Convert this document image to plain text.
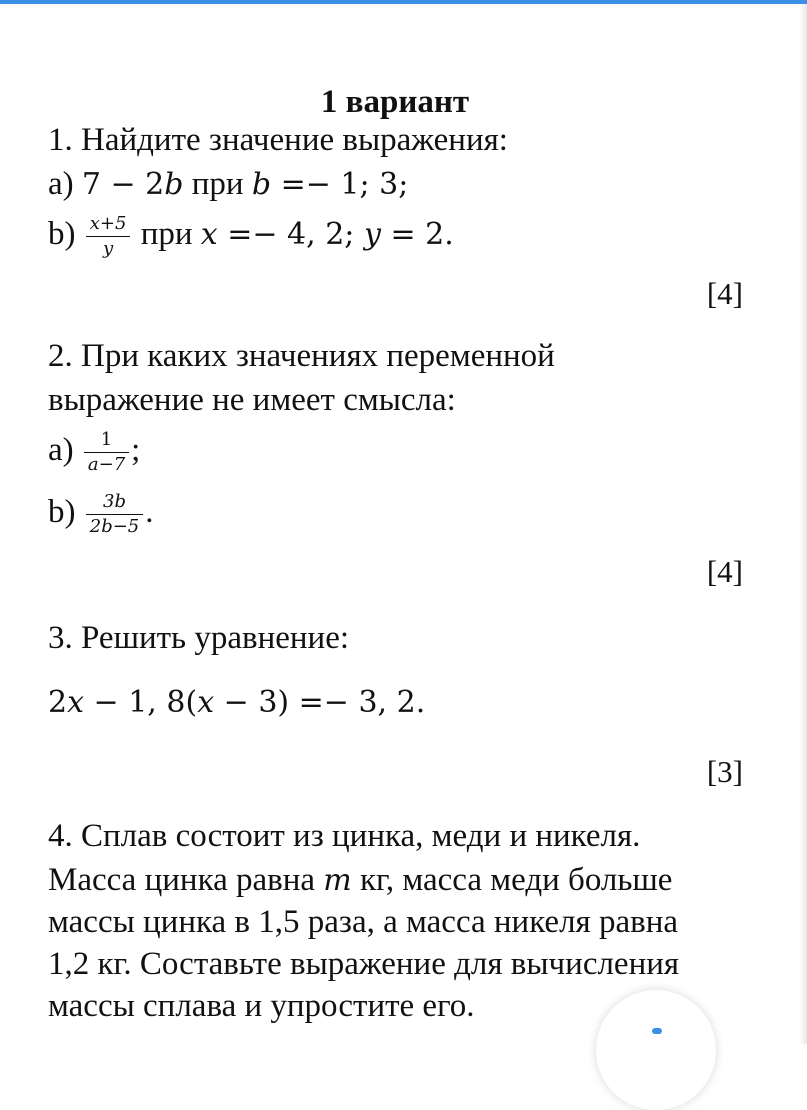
1 вариант
1. Найдите значение выражения:
a) 7 − 2b при b =− 1; 3;
$b) \frac{x+5}{y}$ при x =− 4, 2; y = 2.
[4]
2. При каких значениях переменной
выражение не имеет смысла:
$a) \frac{1}{a-7}$ ;
$b) \frac{3b}{2b-5}$ .
[4]
3. Решить уравнение:
2x − 1, 8(x − 3) =− 3, 2.
[3]
4. Сплав состоит из цинка, меди и никеля.
Масса цинка равна m кг, масса меди больше
массы цинка в 1,5 раза, а масса никеля равна
1,2 кг. Составьте выражение для вычисления
массы сплава и упростите его.
